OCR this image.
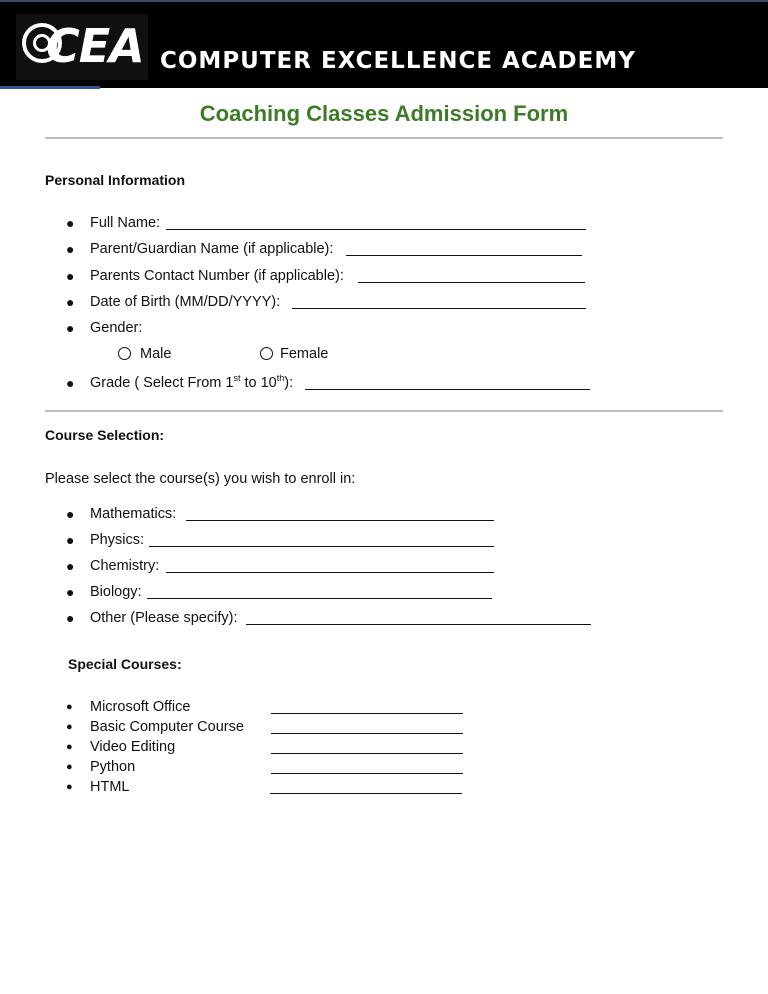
CEA COMPUTER EXCELLENCE ACADEMY
Coaching Classes Admission Form
Personal Information
● Full Name:
● Parent/Guardian Name (if applicable):
● Parents Contact Number (if applicable):
● Date of Birth (MM/DD/YYYY):
● Gender:
Male	Female
● Grade ( Select From 1st to 10th):
Course Selection:
Please select the course(s) you wish to enroll in:
● Mathematics:
● Physics:
● Chemistry:
● Biology:
● Other (Please specify):
Special Courses:
● Microsoft Office
● Basic Computer Course
● Video Editing
● Python
● HTML
